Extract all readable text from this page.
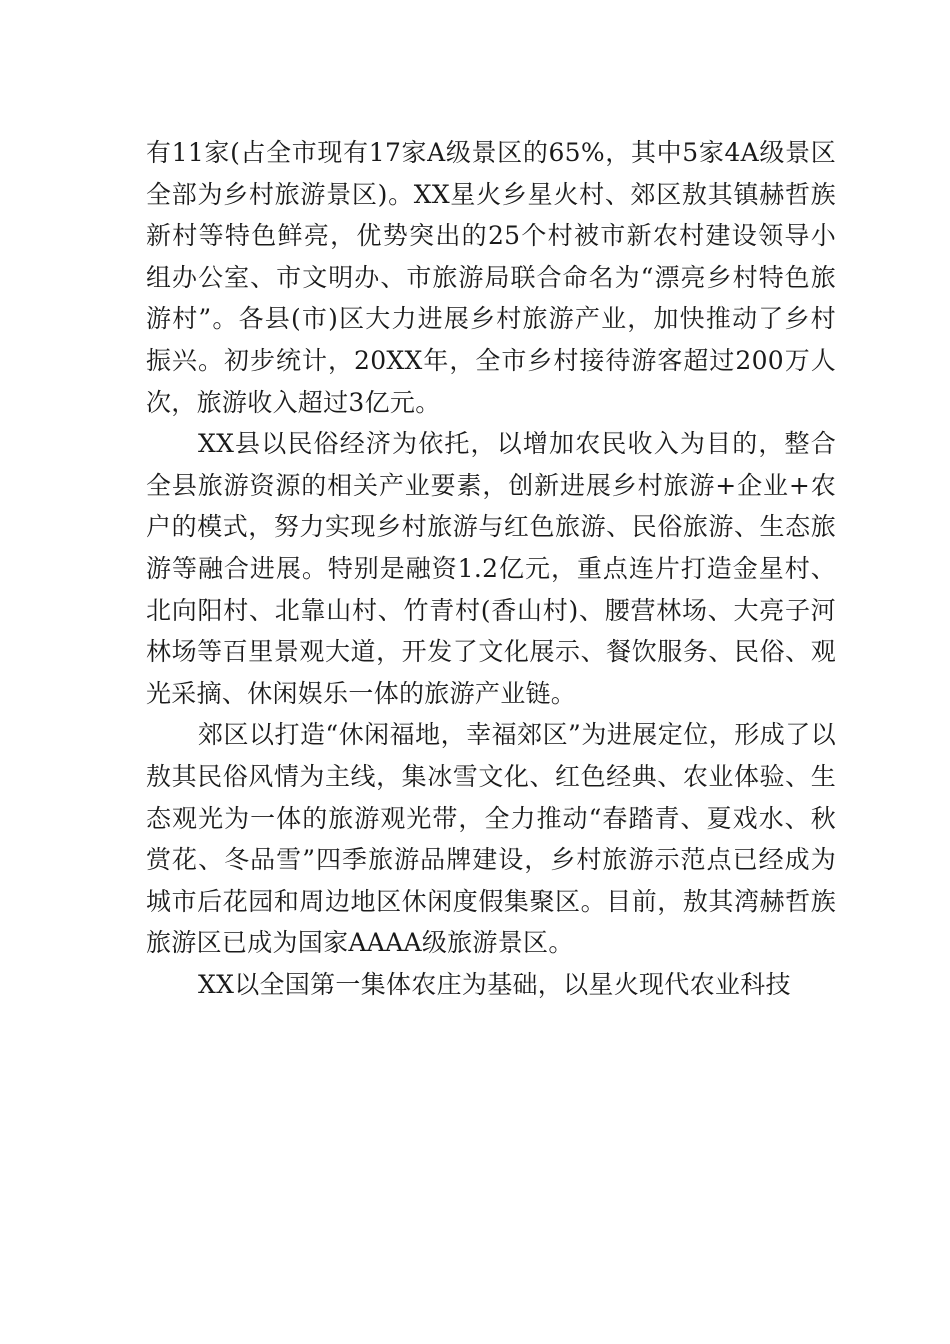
有11家(占全市现有17家A级景区的65%，其中5家4A级景区全部为乡村旅游景区)。XX星火乡星火村、郊区敖其镇赫哲族新村等特色鲜亮，优势突出的25个村被市新农村建设领导小组办公室、市文明办、市旅游局联合命名为“漂亮乡村特色旅游村”。各县(市)区大力进展乡村旅游产业，加快推动了乡村振兴。初步统计，20XX年，全市乡村接待游客超过200万人次，旅游收入超过3亿元。

XX县以民俗经济为依托，以增加农民收入为目的，整合全县旅游资源的相关产业要素，创新进展乡村旅游+企业+农户的模式，努力实现乡村旅游与红色旅游、民俗旅游、生态旅游等融合进展。特别是融资1.2亿元，重点连片打造金星村、北向阳村、北靠山村、竹青村(香山村)、腰营林场、大亮子河林场等百里景观大道，开发了文化展示、餐饮服务、民俗、观光采摘、休闲娱乐一体的旅游产业链。

郊区以打造“休闲福地，幸福郊区”为进展定位，形成了以敖其民俗风情为主线，集冰雪文化、红色经典、农业体验、生态观光为一体的旅游观光带，全力推动“春踏青、夏戏水、秋赏花、冬品雪”四季旅游品牌建设，乡村旅游示范点已经成为城市后花园和周边地区休闲度假集聚区。目前，敖其湾赫哲族旅游区已成为国家AAAA级旅游景区。

XX以全国第一集体农庄为基础，以星火现代农业科技
